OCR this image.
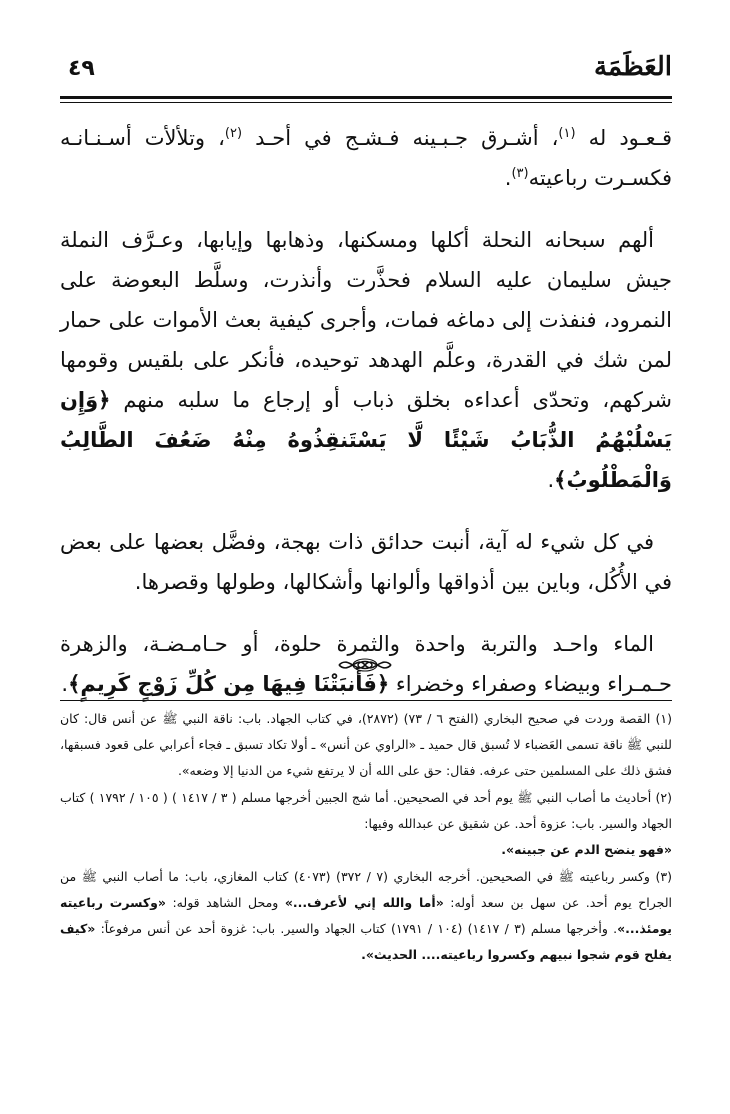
العَظَمَة
٤٩

قـعـود له $^{(١)}$، أشـرق جـبـينه فـشـج في أحـد $^{(٢)}$، وتلألأت أسـنـانـه فكسـرت رباعيته$^{(٣)}$.

ألهم سبحانه النحلة أكلها ومسكنها، وذهابها وإيابها، وعـرَّف النملة جيش سليمان عليه السلام فحذَّرت وأنذرت، وسلَّط البعوضة على النمرود، فنفذت إلى دماغه فمات، وأجرى كيفية بعث الأموات على حمار لمن شك في القدرة، وعلَّم الهدهد توحيده، فأنكر على بلقيس وقومها شركهم، وتحدّى أعداءه بخلق ذباب أو إرجاع ما سلبه منهم ﴿وَإِن يَسْلُبْهُمُ الذُّبَابُ شَيْئًا لَّا يَسْتَنقِذُوهُ مِنْهُ ضَعُفَ الطَّالِبُ وَالْمَطْلُوبُ﴾.

في كل شيء له آية، أنبت حدائق ذات بهجة، وفضَّل بعضها على بعض في الأُكُل، وباين بين أذواقها وألوانها وأشكالها، وطولها وقصرها.

الماء واحـد والتربة واحدة والثمرة حلوة، أو حـامـضـة، والزهرة حـمـراء وبيضاء وصفراء وخضراء ﴿فَأَنبَتْنَا فِيهَا مِن كُلِّ زَوْجٍ كَرِيمٍ﴾.

(١) القصة وردت في صحيح البخاري (الفتح ٦ / ٧٣) (٢٨٧٢)، في كتاب الجهاد. باب: ناقة النبي ﷺ عن أنس قال: كان للنبي ﷺ ناقة تسمى العَضباء لا تُسبق قال حميد ـ «الراوي عن أنس» ـ أولا تكاد تسبق ـ فجاء أعرابي على قعود فسبقها، فشق ذلك على المسلمين حتى عرفه. فقال: حق على الله أن لا يرتفع شيء من الدنيا إلا وضعه».

(٢) أحاديث ما أصاب النبي ﷺ يوم أحد في الصحيحين. أما شج الجبين أخرجها مسلم ( ٣ / ١٤١٧ ) ( ١٠٥ / ١٧٩٢ ) كتاب الجهاد والسير. باب: عزوة أحد. عن شقيق عن عبدالله وفيها:
«فهو ينضح الدم عن جبينه».

(٣) وكسر رباعيته ﷺ في الصحيحين. أخرجه البخاري (٧ / ٣٧٢) (٤٠٧٣) كتاب المغازي، باب: ما أصاب النبي ﷺ من الجراح يوم أحد. عن سهل بن سعد أوله: «أما والله إني لأعرف...» ومحل الشاهد قوله: «وكسرت رباعيته يومئذ...». وأخرجها مسلم (٣ / ١٤١٧) (١٠٤ / ١٧٩١) كتاب الجهاد والسير. باب: غزوة أحد عن أنس مرفوعاً: «كيف يفلح قوم شجوا نبيهم وكسروا رباعيته.... الحديث».
